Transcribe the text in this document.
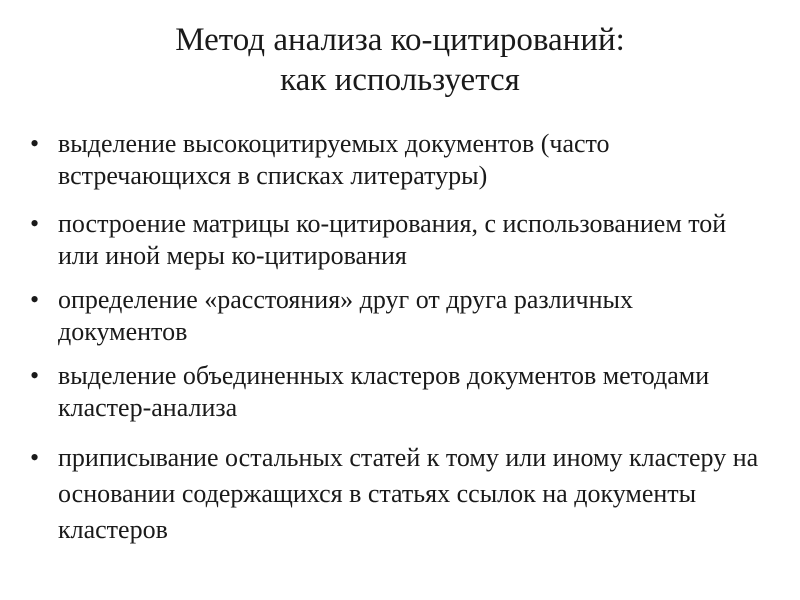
Метод анализа ко-цитирований:
как используется
• выделение высокоцитируемых документов (часто встречающихся в списках литературы)
• построение матрицы ко-цитирования, с использованием той или иной меры ко-цитирования
• определение «расстояния» друг от друга различных документов
• выделение объединенных кластеров документов методами кластер-анализа
• приписывание остальных статей к тому или иному кластеру на основании содержащихся в статьях ссылок на документы кластеров
